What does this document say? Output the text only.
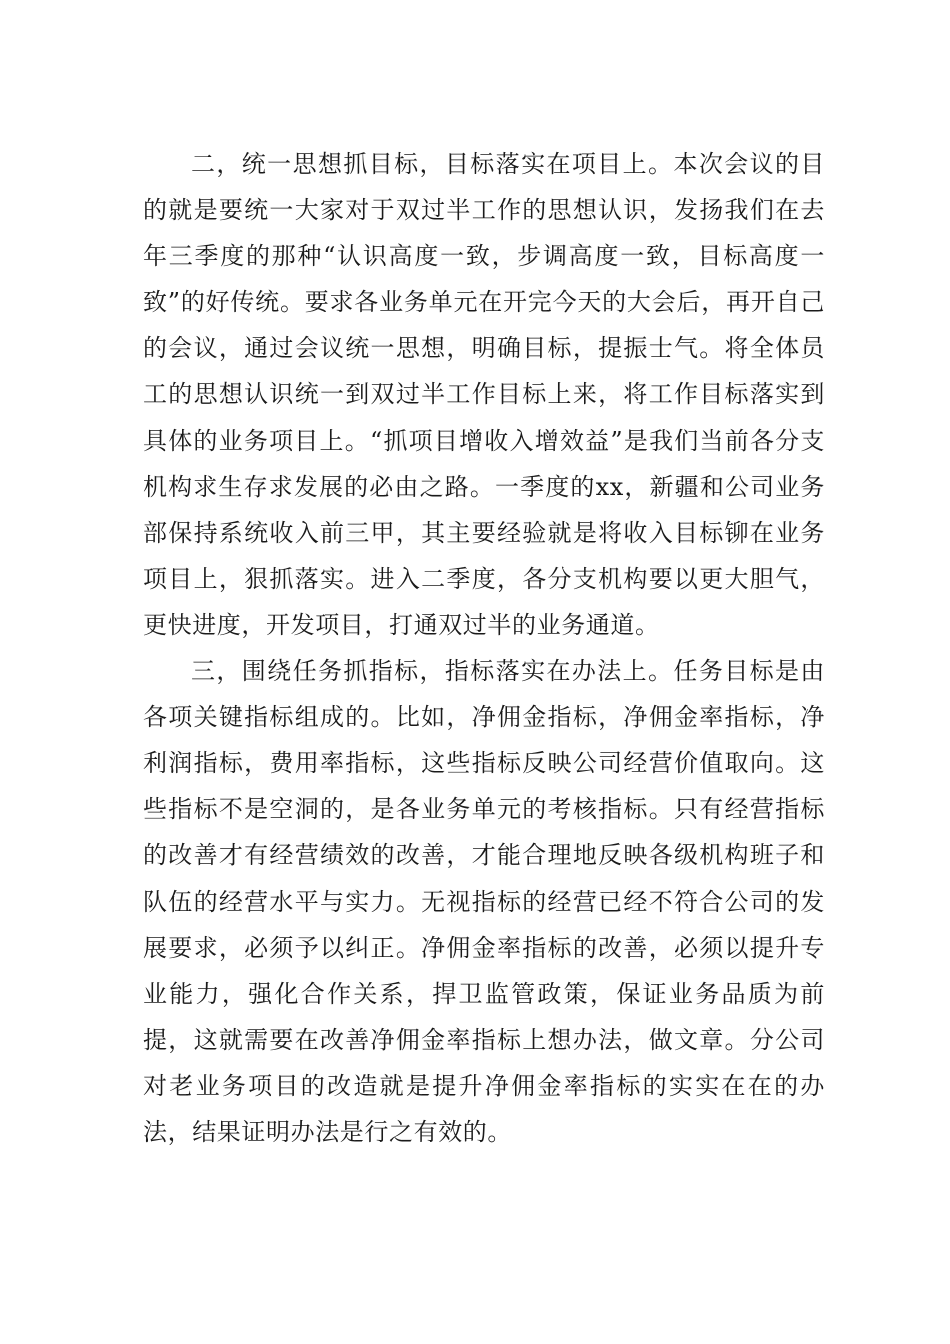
二，统一思想抓目标，目标落实在项目上。本次会议的目的就是要统一大家对于双过半工作的思想认识，发扬我们在去年三季度的那种“认识高度一致，步调高度一致，目标高度一致”的好传统。要求各业务单元在开完今天的大会后，再开自己的会议，通过会议统一思想，明确目标，提振士气。将全体员工的思想认识统一到双过半工作目标上来，将工作目标落实到具体的业务项目上。“抓项目增收入增效益”是我们当前各分支机构求生存求发展的必由之路。一季度的xx，新疆和公司业务部保持系统收入前三甲，其主要经验就是将收入目标铆在业务项目上，狠抓落实。进入二季度，各分支机构要以更大胆气，更快进度，开发项目，打通双过半的业务通道。

三，围绕任务抓指标，指标落实在办法上。任务目标是由各项关键指标组成的。比如，净佣金指标，净佣金率指标，净利润指标，费用率指标，这些指标反映公司经营价值取向。这些指标不是空洞的，是各业务单元的考核指标。只有经营指标的改善才有经营绩效的改善，才能合理地反映各级机构班子和队伍的经营水平与实力。无视指标的经营已经不符合公司的发展要求，必须予以纠正。净佣金率指标的改善，必须以提升专业能力，强化合作关系，捍卫监管政策，保证业务品质为前提，这就需要在改善净佣金率指标上想办法，做文章。分公司对老业务项目的改造就是提升净佣金率指标的实实在在的办法，结果证明办法是行之有效的。
